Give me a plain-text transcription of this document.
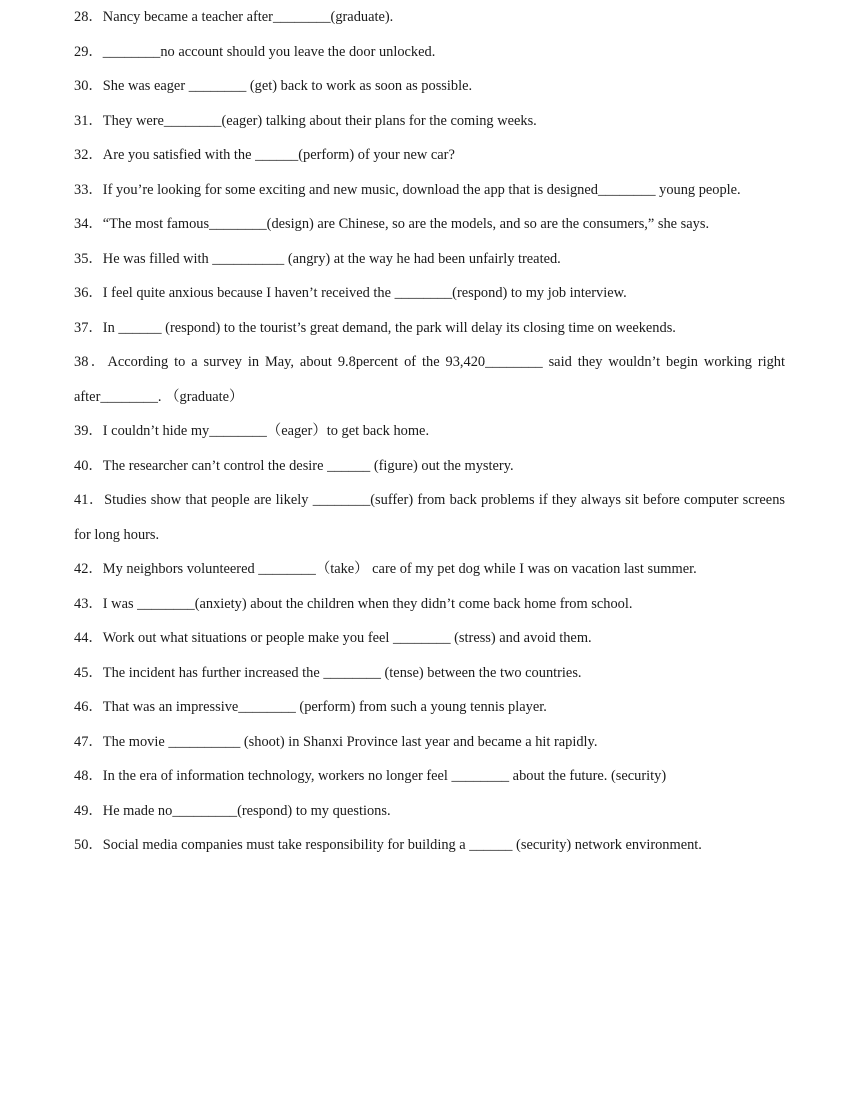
28．Nancy became a teacher after________(graduate).
29．________no account should you leave the door unlocked.
30．She was eager ________ (get) back to work as soon as possible.
31．They were________(eager) talking about their plans for the coming weeks.
32．Are you satisfied with the ______(perform) of your new car?
33．If you’re looking for some exciting and new music, download the app that is designed________ young people.
34．“The most famous________(design) are Chinese, so are the models, and so are the consumers,” she says.
35．He was filled with __________ (angry) at the way he had been unfairly treated.
36．I feel quite anxious because I haven’t received the ________(respond) to my job interview.
37．In ______ (respond) to the tourist’s great demand, the park will delay its closing time on weekends.
38．According to a survey in May, about 9.8percent of the 93,420________ said they wouldn’t begin working right after________. （graduate）
39．I couldn’t hide my________（eager）to get back home.
40．The researcher can’t control the desire ______ (figure) out the mystery.
41．Studies show that people are likely ________(suffer) from back problems if they always sit before computer screens for long hours.
42．My neighbors volunteered ________（take） care of my pet dog while I was on vacation last summer.
43．I was ________(anxiety) about the children when they didn’t come back home from school.
44．Work out what situations or people make you feel ________ (stress) and avoid them.
45．The incident has further increased the ________ (tense) between the two countries.
46．That was an impressive________ (perform) from such a young tennis player.
47．The movie __________ (shoot) in Shanxi Province last year and became a hit rapidly.
48．In the era of information technology, workers no longer feel ________ about the future. (security)
49．He made no_________(respond) to my questions.
50．Social media companies must take responsibility for building a ______ (security) network environment.
